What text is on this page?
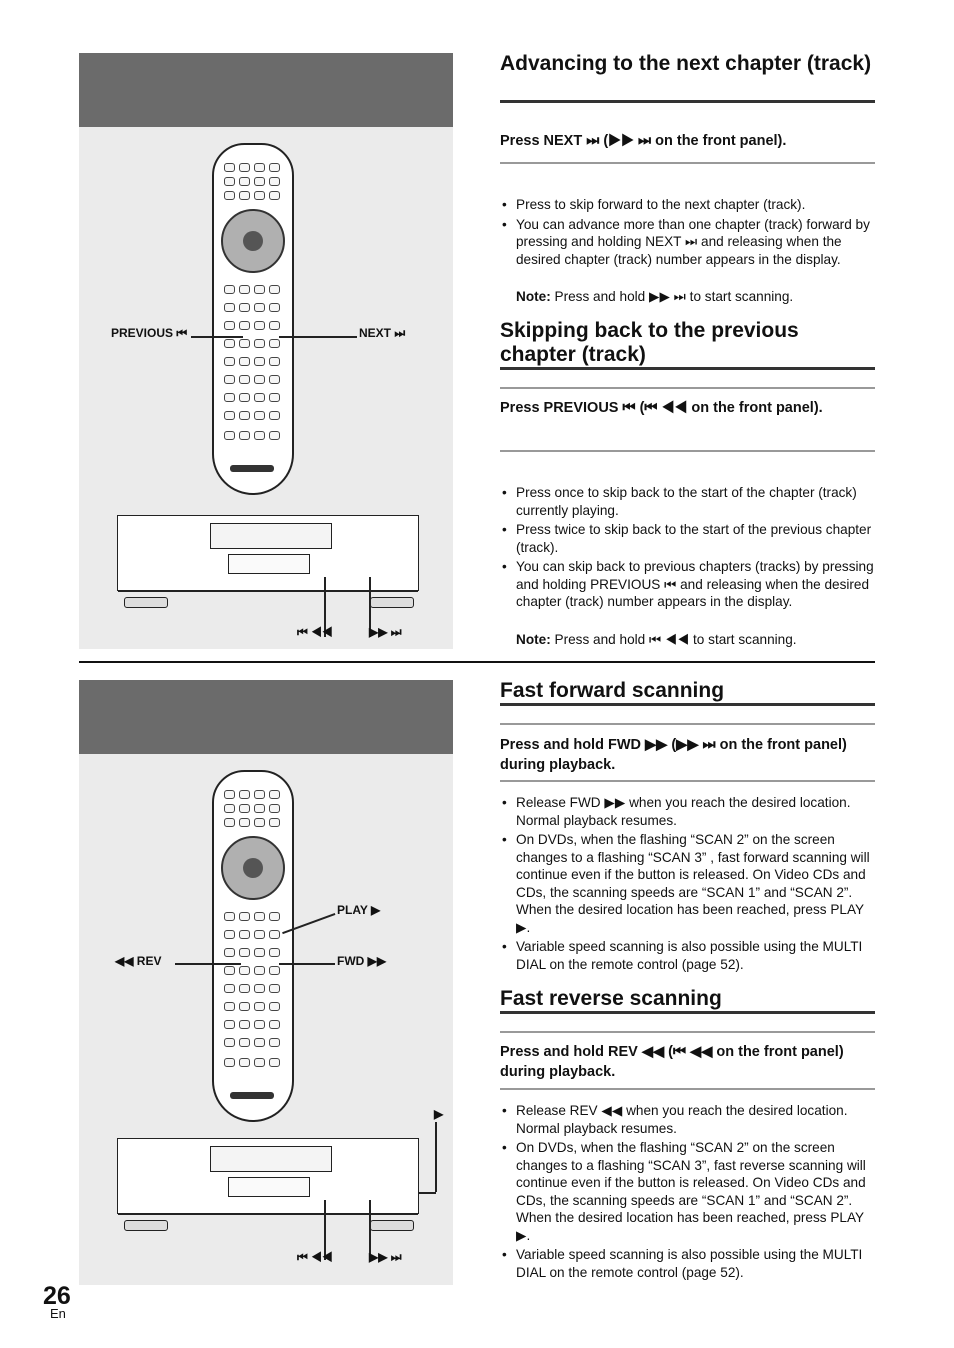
PREVIOUS ⏮	NEXT ⏭
⏮ ◀◀	▶▶ ⏭
PLAY ▶
◀◀ REV	FWD ▶▶
▶
⏮ ◀◀	▶▶ ⏭
Advancing to the next chapter (track)

Press NEXT ⏭ (▶▶ ⏭ on the front panel).

• Press to skip forward to the next chapter (track).
• You can advance more than one chapter (track) forward by pressing and holding NEXT ⏭ and releasing when the desired chapter (track) number appears in the display.
Note: Press and hold ▶▶ ⏭ to start scanning.
Skipping back to the previous chapter (track)

Press PREVIOUS ⏮ (⏮ ◀◀ on the front panel).

• Press once to skip back to the start of the chapter (track) currently playing.
• Press twice to skip back to the start of the previous chapter (track).
• You can skip back to previous chapters (tracks) by pressing and holding PREVIOUS ⏮ and releasing when the desired chapter (track) number appears in the display.
Note: Press and hold ⏮ ◀◀ to start scanning.
Fast forward scanning

Press and hold FWD ▶▶ (▶▶ ⏭ on the front panel) during playback.

• Release FWD ▶▶ when you reach the desired location. Normal playback resumes.
• On DVDs, when the flashing “SCAN 2” on the screen changes to a flashing “SCAN 3” , fast forward scanning will continue even if the button is released. On Video CDs and CDs, the scanning speeds are “SCAN 1” and “SCAN 2”. When the desired location has been reached, press PLAY ▶.
• Variable speed scanning is also possible using the MULTI DIAL on the remote control (page 52).
Fast reverse scanning

Press and hold REV ◀◀ (⏮ ◀◀ on the front panel) during playback.

• Release REV ◀◀ when you reach the desired location. Normal playback resumes.
• On DVDs, when the flashing “SCAN 2” on the screen changes to a flashing “SCAN 3”, fast reverse scanning will continue even if the button is released. On Video CDs and CDs, the scanning speeds are “SCAN 1” and “SCAN 2”. When the desired location has been reached, press PLAY ▶.
• Variable speed scanning is also possible using the MULTI DIAL on the remote control (page 52).
26
En
